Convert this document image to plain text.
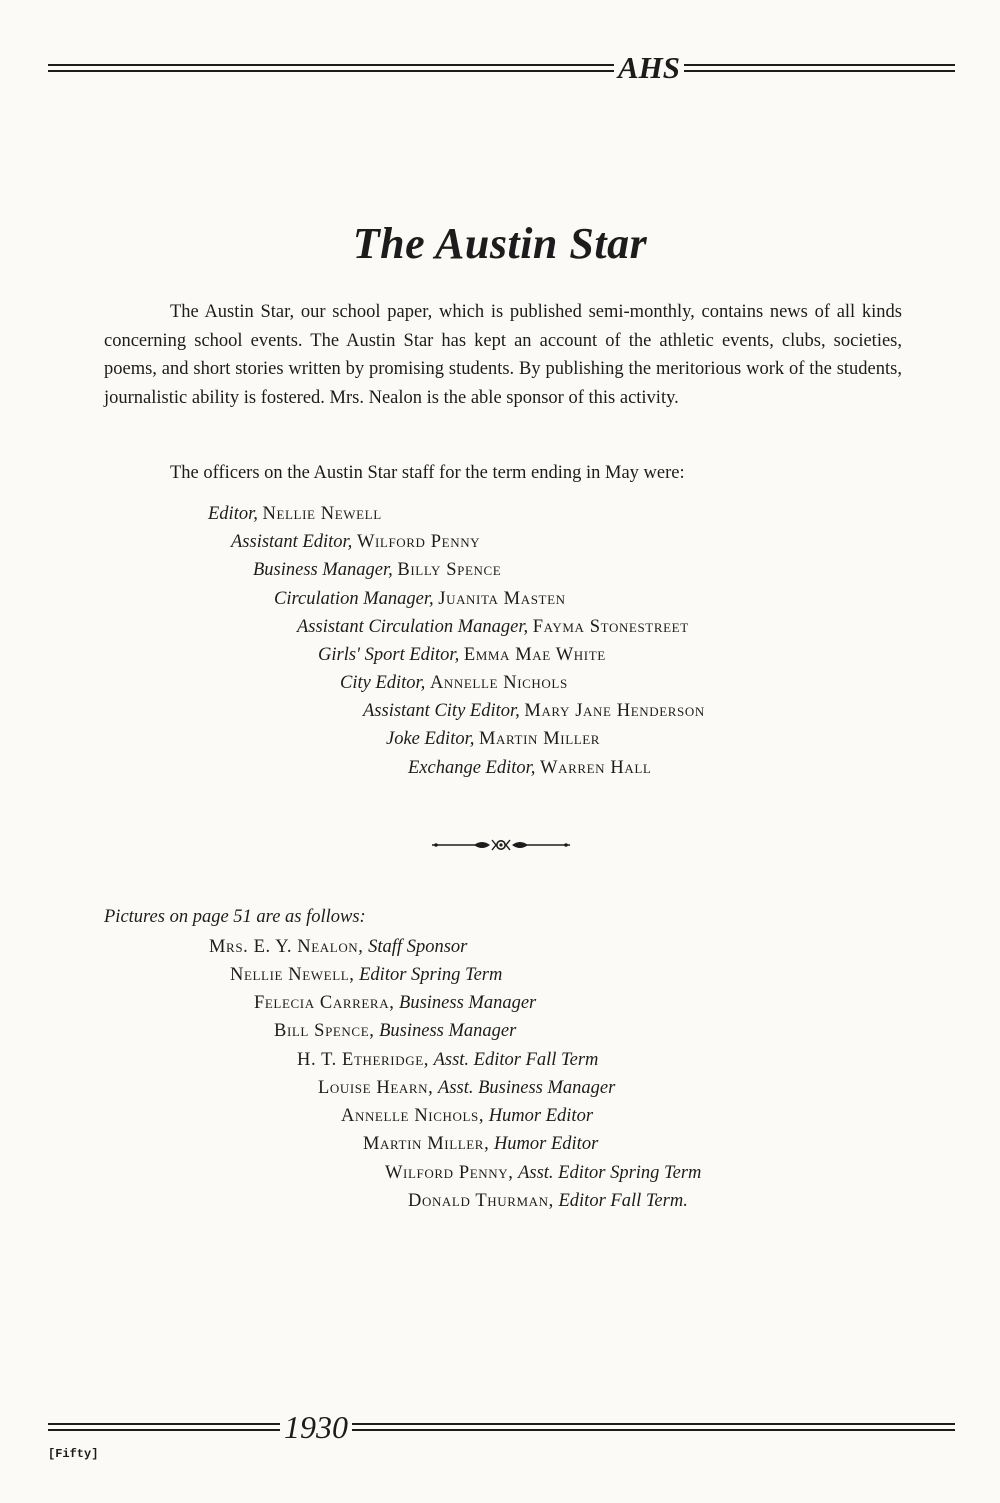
AHS
The Austin Star

The Austin Star, our school paper, which is published semi-monthly, contains news of all kinds concerning school events. The Austin Star has kept an account of the athletic events, clubs, societies, poems, and short stories written by promising students. By publishing the meritorious work of the students, journalistic ability is fostered. Mrs. Nealon is the able sponsor of this activity.

The officers on the Austin Star staff for the term ending in May were:

Editor, Nellie Newell
Assistant Editor, Wilford Penny
Business Manager, Billy Spence
Circulation Manager, Juanita Masten
Assistant Circulation Manager, Fayma Stonestreet
Girls' Sport Editor, Emma Mae White
City Editor, Annelle Nichols
Assistant City Editor, Mary Jane Henderson
Joke Editor, Martin Miller
Exchange Editor, Warren Hall

Pictures on page 51 are as follows:

Mrs. E. Y. Nealon, Staff Sponsor
Nellie Newell, Editor Spring Term
Felecia Carrera, Business Manager
Bill Spence, Business Manager
H. T. Etheridge, Asst. Editor Fall Term
Louise Hearn, Asst. Business Manager
Annelle Nichols, Humor Editor
Martin Miller, Humor Editor
Wilford Penny, Asst. Editor Spring Term
Donald Thurman, Editor Fall Term.
1930
[Fifty]
